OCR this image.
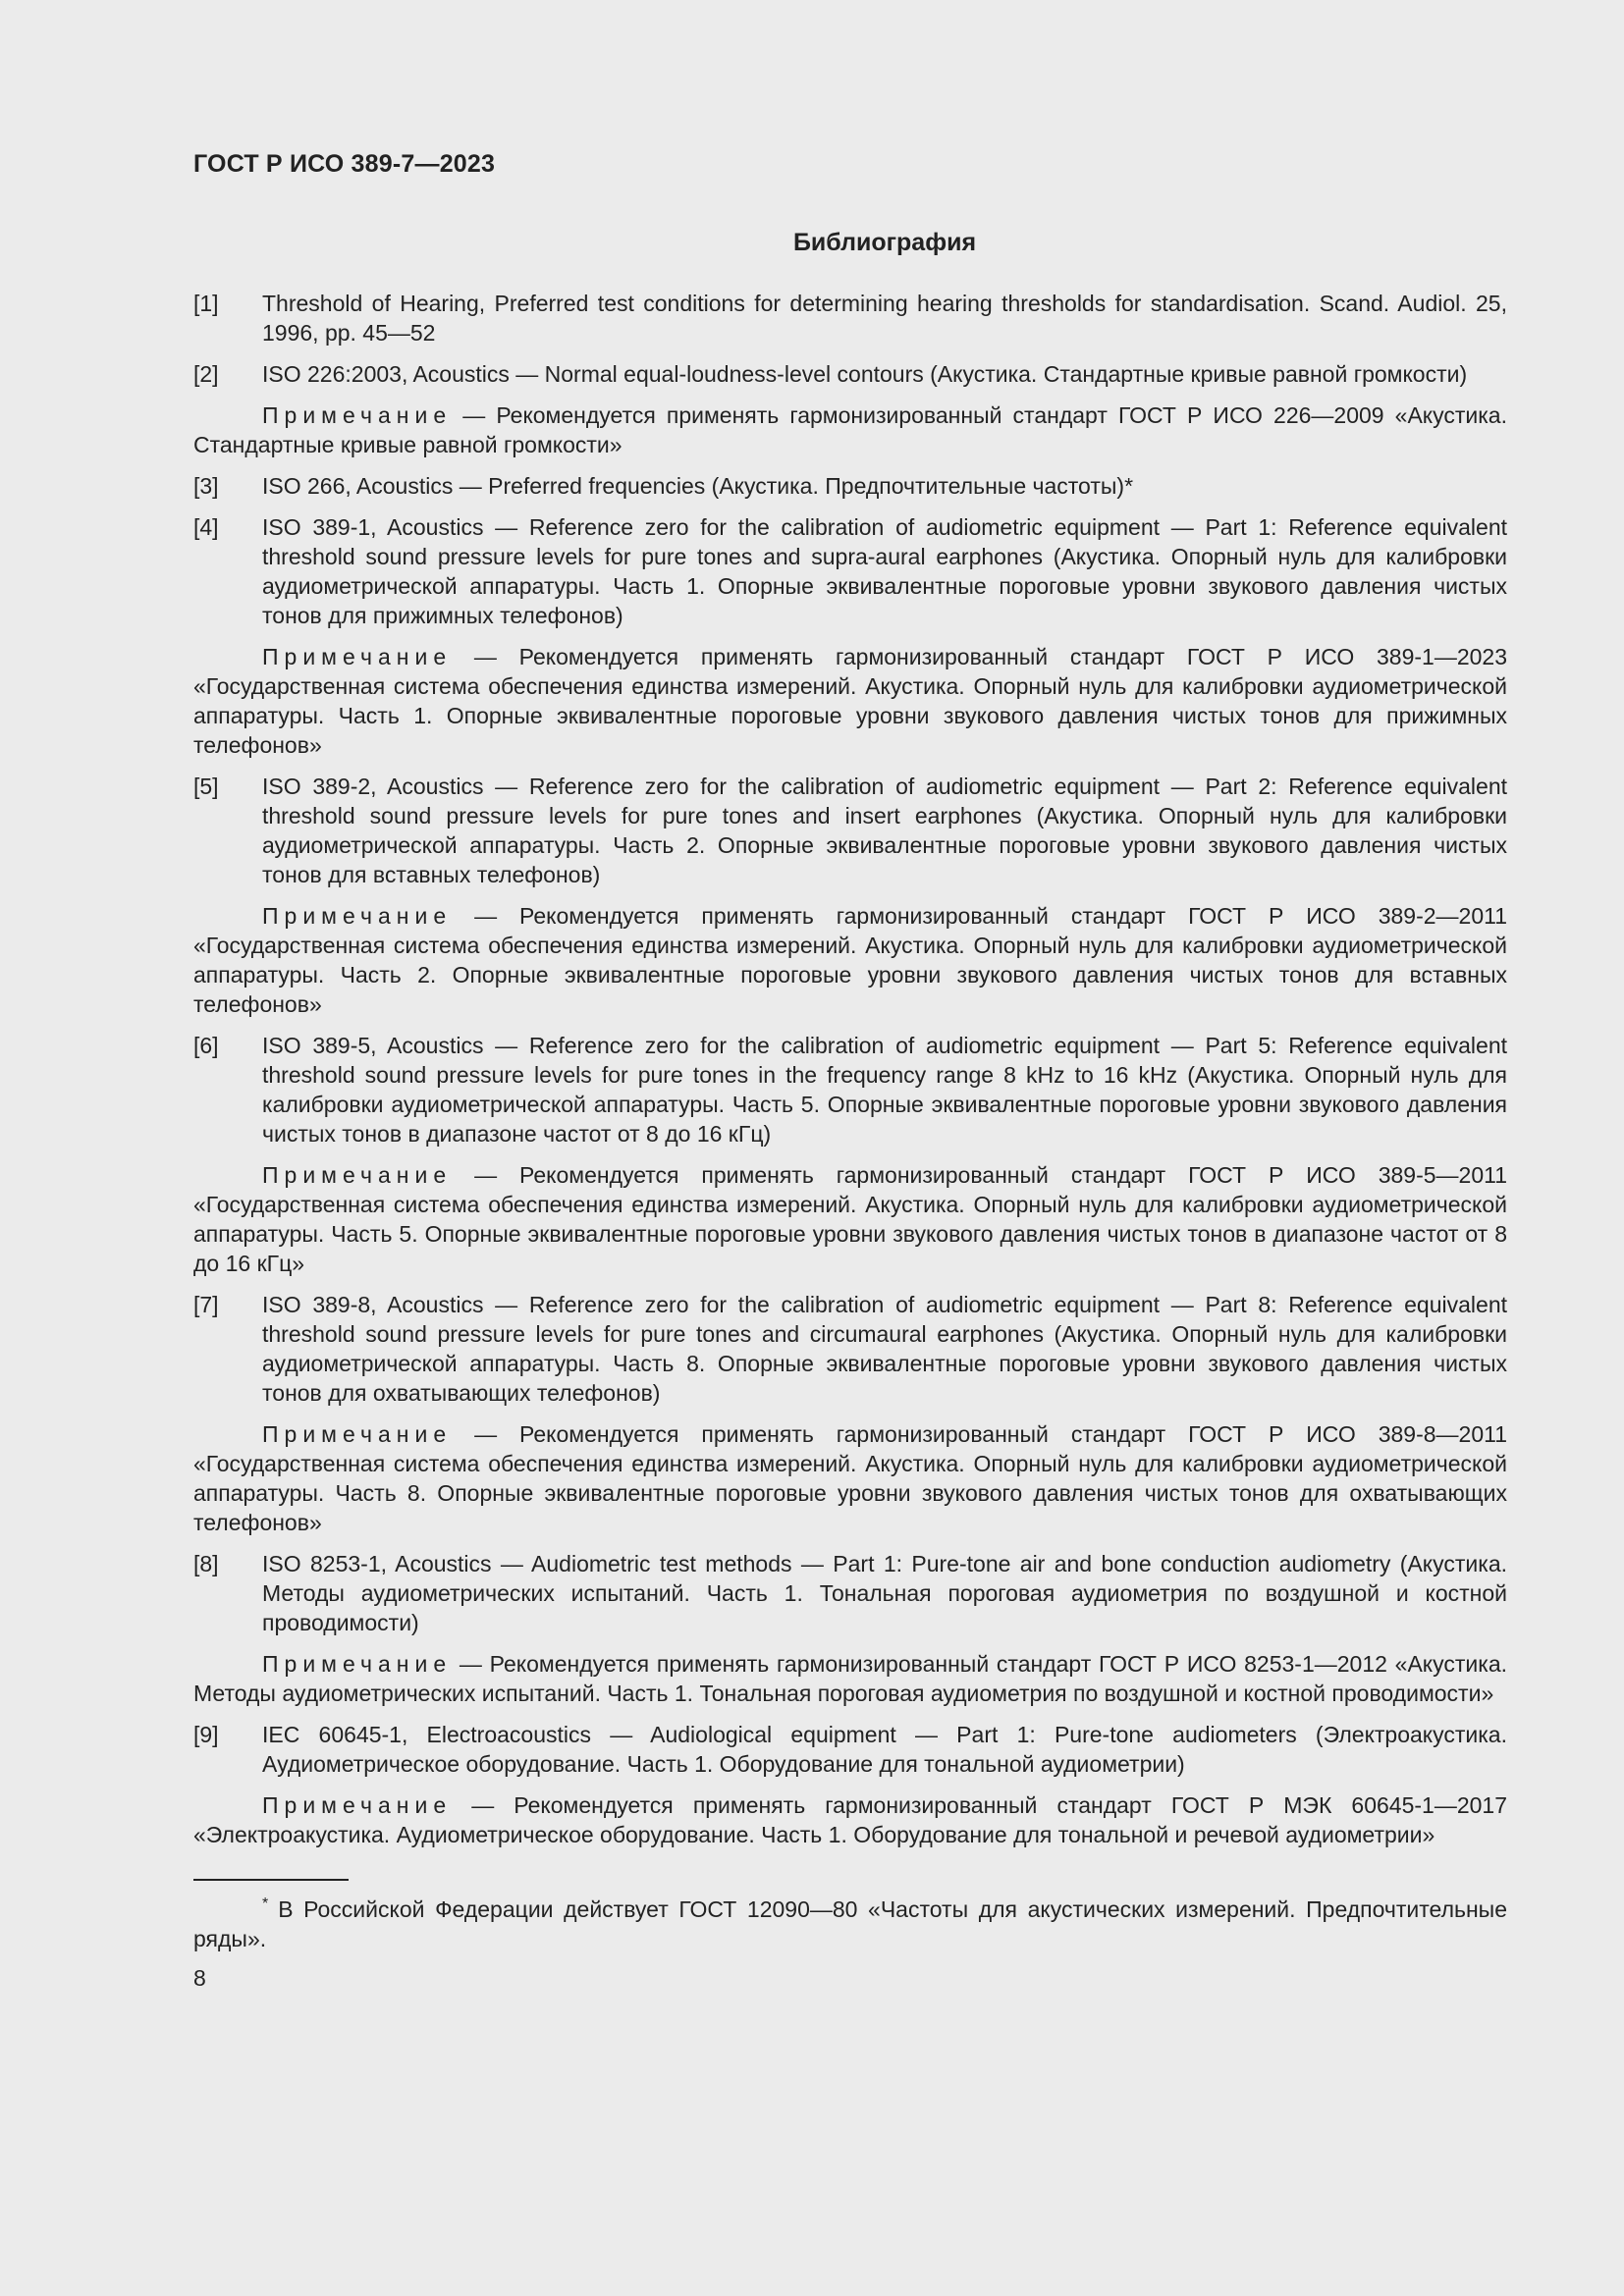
ГОСТ Р ИСО 389-7—2023
Библиография
[1] Threshold of Hearing, Preferred test conditions for determining hearing thresholds for standardisation. Scand. Audiol. 25, 1996, pp. 45—52
[2] ISO 226:2003, Acoustics — Normal equal-loudness-level contours (Акустика. Стандартные кривые равной громкости)
Примечание — Рекомендуется применять гармонизированный стандарт ГОСТ Р ИСО 226—2009 «Акустика. Стандартные кривые равной громкости»
[3] ISO 266, Acoustics — Preferred frequencies (Акустика. Предпочтительные частоты)*
[4] ISO 389-1, Acoustics — Reference zero for the calibration of audiometric equipment — Part 1: Reference equivalent threshold sound pressure levels for pure tones and supra-aural earphones (Акустика. Опорный нуль для калибровки аудиометрической аппаратуры. Часть 1. Опорные эквивалентные пороговые уровни звукового давления чистых тонов для прижимных телефонов)
Примечание — Рекомендуется применять гармонизированный стандарт ГОСТ Р ИСО 389-1—2023 «Государственная система обеспечения единства измерений. Акустика. Опорный нуль для калибровки аудиометрической аппаратуры. Часть 1. Опорные эквивалентные пороговые уровни звукового давления чистых тонов для прижимных телефонов»
[5] ISO 389-2, Acoustics — Reference zero for the calibration of audiometric equipment — Part 2: Reference equivalent threshold sound pressure levels for pure tones and insert earphones (Акустика. Опорный нуль для калибровки аудиометрической аппаратуры. Часть 2. Опорные эквивалентные пороговые уровни звукового давления чистых тонов для вставных телефонов)
Примечание — Рекомендуется применять гармонизированный стандарт ГОСТ Р ИСО 389-2—2011 «Государственная система обеспечения единства измерений. Акустика. Опорный нуль для калибровки аудиометрической аппаратуры. Часть 2. Опорные эквивалентные пороговые уровни звукового давления чистых тонов для вставных телефонов»
[6] ISO 389-5, Acoustics — Reference zero for the calibration of audiometric equipment — Part 5: Reference equivalent threshold sound pressure levels for pure tones in the frequency range 8 kHz to 16 kHz (Акустика. Опорный нуль для калибровки аудиометрической аппаратуры. Часть 5. Опорные эквивалентные пороговые уровни звукового давления чистых тонов в диапазоне частот от 8 до 16 кГц)
Примечание — Рекомендуется применять гармонизированный стандарт ГОСТ Р ИСО 389-5—2011 «Государственная система обеспечения единства измерений. Акустика. Опорный нуль для калибровки аудиометрической аппаратуры. Часть 5. Опорные эквивалентные пороговые уровни звукового давления чистых тонов в диапазоне частот от 8 до 16 кГц»
[7] ISO 389-8, Acoustics — Reference zero for the calibration of audiometric equipment — Part 8: Reference equivalent threshold sound pressure levels for pure tones and circumaural earphones (Акустика. Опорный нуль для калибровки аудиометрической аппаратуры. Часть 8. Опорные эквивалентные пороговые уровни звукового давления чистых тонов для охватывающих телефонов)
Примечание — Рекомендуется применять гармонизированный стандарт ГОСТ Р ИСО 389-8—2011 «Государственная система обеспечения единства измерений. Акустика. Опорный нуль для калибровки аудиометрической аппаратуры. Часть 8. Опорные эквивалентные пороговые уровни звукового давления чистых тонов для охватывающих телефонов»
[8] ISO 8253-1, Acoustics — Audiometric test methods — Part 1: Pure-tone air and bone conduction audiometry (Акустика. Методы аудиометрических испытаний. Часть 1. Тональная пороговая аудиометрия по воздушной и костной проводимости)
Примечание — Рекомендуется применять гармонизированный стандарт ГОСТ Р ИСО 8253-1—2012 «Акустика. Методы аудиометрических испытаний. Часть 1. Тональная пороговая аудиометрия по воздушной и костной проводимости»
[9] IEC 60645-1, Electroacoustics — Audiological equipment — Part 1: Pure-tone audiometers (Электроакустика. Аудиометрическое оборудование. Часть 1. Оборудование для тональной аудиометрии)
Примечание — Рекомендуется применять гармонизированный стандарт ГОСТ Р МЭК 60645-1—2017 «Электроакустика. Аудиометрическое оборудование. Часть 1. Оборудование для тональной и речевой аудиометрии»
* В Российской Федерации действует ГОСТ 12090—80 «Частоты для акустических измерений. Предпочтительные ряды».
8
